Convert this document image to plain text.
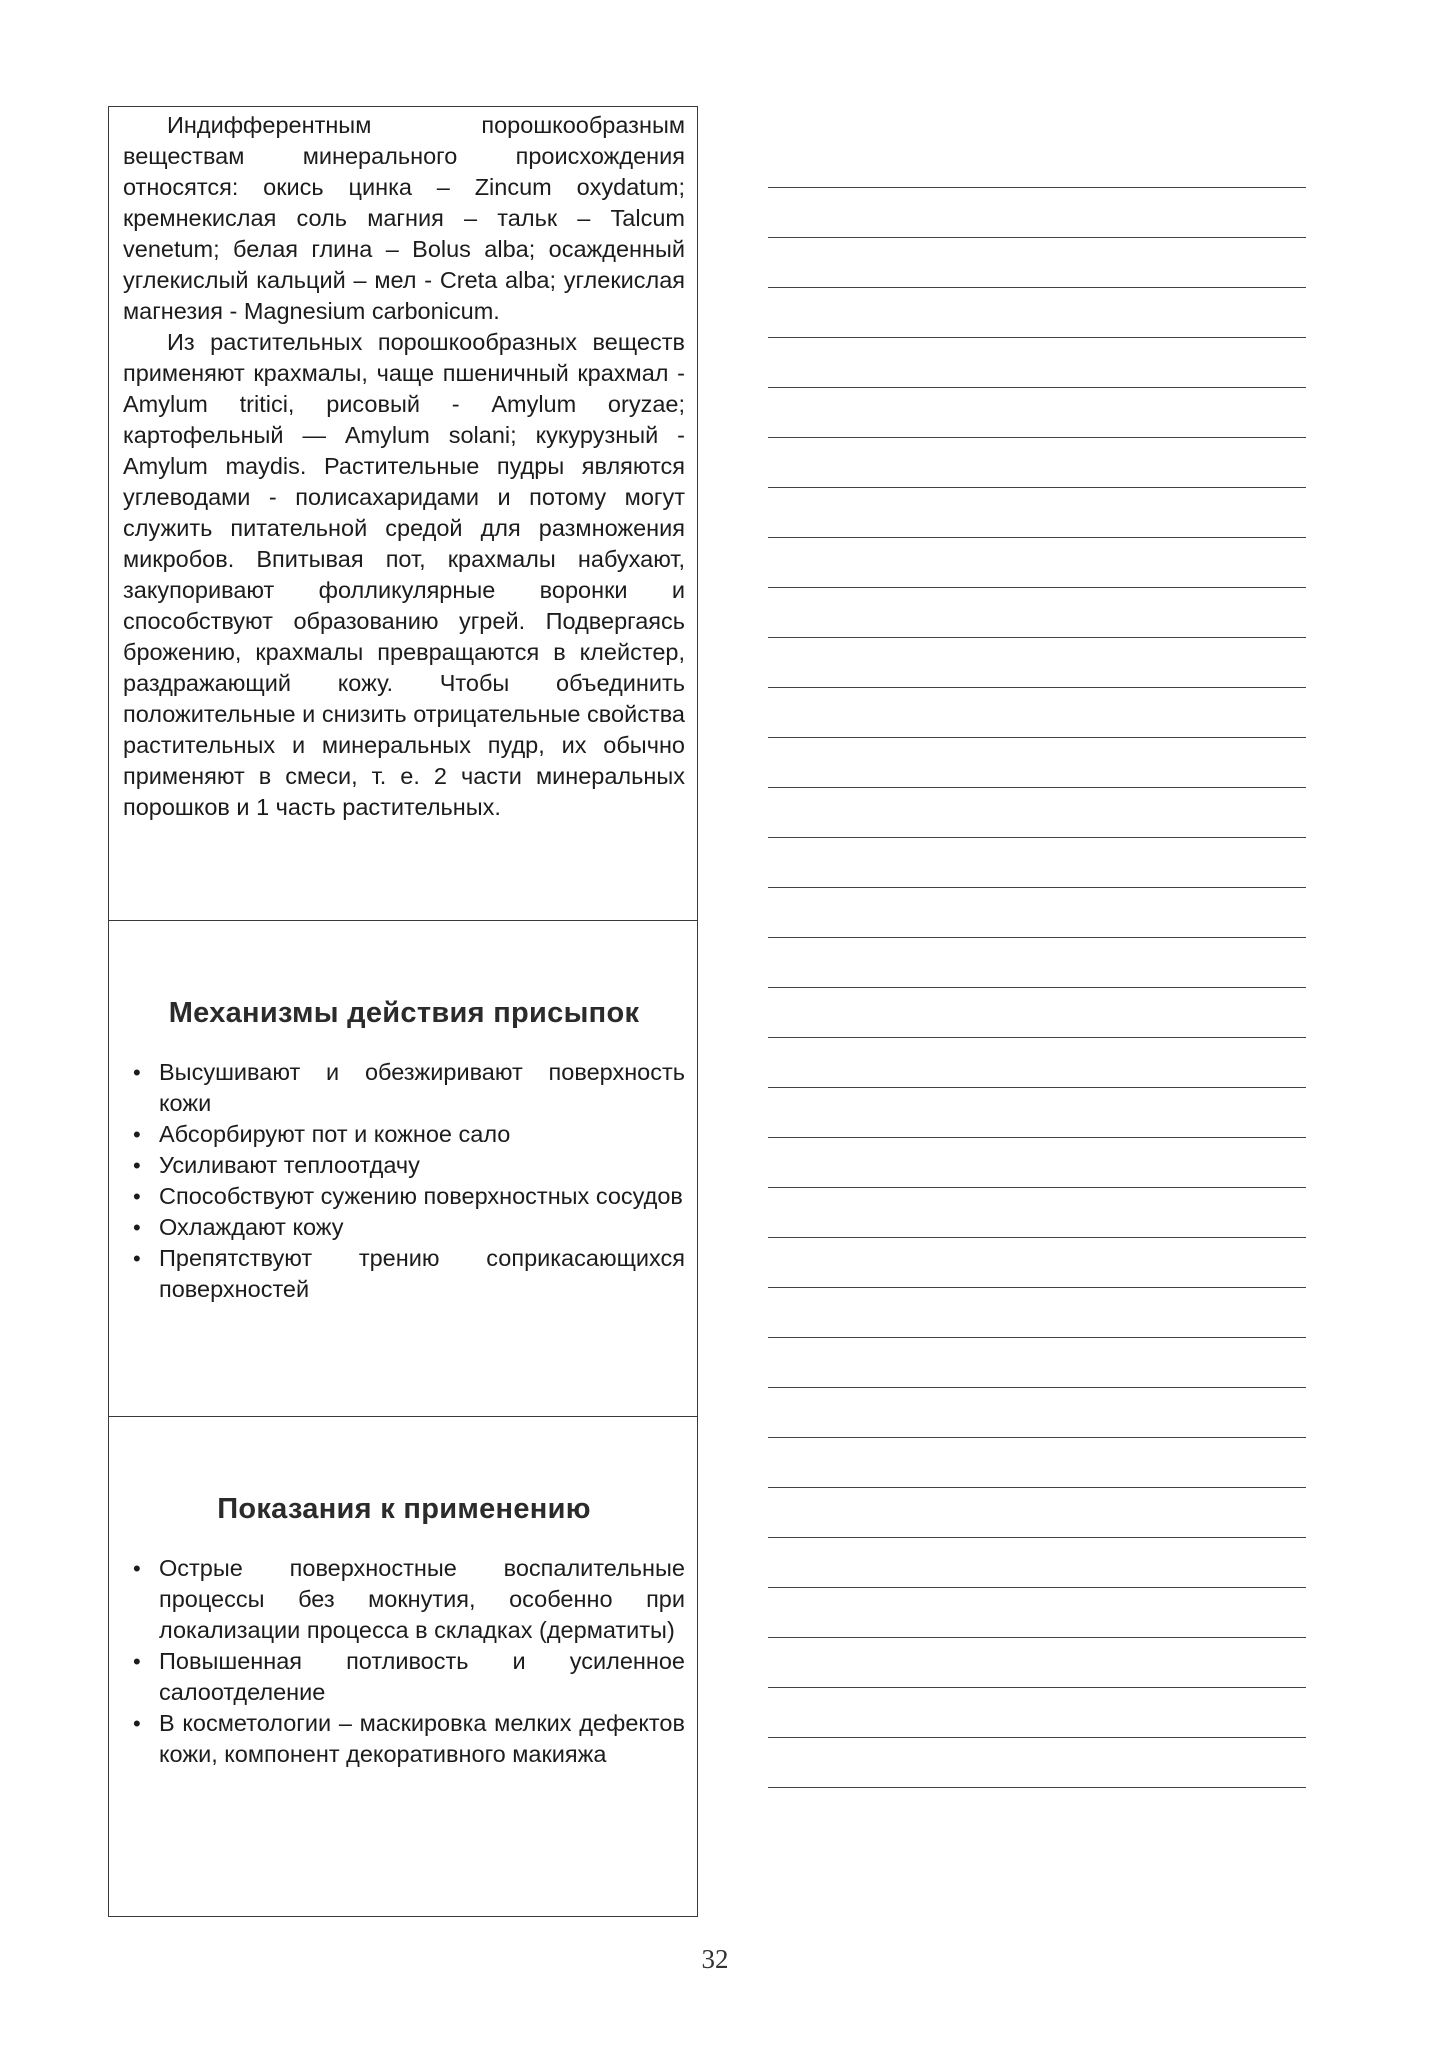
Индифферентным порошкообразным веществам минерального происхождения относятся: окись цинка – Zincum oxydatum; кремнекислая соль магния – тальк – Talcum venetum; белая глина – Bolus alba; осажденный углекислый кальций – мел - Creta alba; углекислая магнезия - Magnesium carbonicum.

Из растительных порошкообразных веществ применяют крахмалы, чаще пшеничный крахмал - Amylum tritici, рисовый - Amylum oryzae; картофельный — Amylum solani; кукурузный - Amylum maydis. Растительные пудры являются углеводами - полисахаридами и потому могут служить питательной средой для размножения микробов. Впитывая пот, крахмалы набухают, закупоривают фолликулярные воронки и способствуют образованию угрей. Подвергаясь брожению, крахмалы превращаются в клейстер, раздражающий кожу. Чтобы объединить положительные и снизить отрицательные свойства растительных и минеральных пудр, их обычно применяют в смеси, т. е. 2 части минеральных порошков и 1 часть растительных.

Механизмы действия присыпок
• Высушивают и обезжиривают поверхность кожи
• Абсорбируют пот и кожное сало
• Усиливают теплоотдачу
• Способствуют сужению поверхностных сосудов
• Охлаждают кожу
• Препятствуют трению соприкасающихся поверхностей
Показания к применению
• Острые поверхностные воспалительные процессы без мокнутия, особенно при локализации процесса в складках (дерматиты)
• Повышенная потливость и усиленное салоотделение
• В косметологии – маскировка мелких дефектов кожи, компонент декоративного макияжа
32
